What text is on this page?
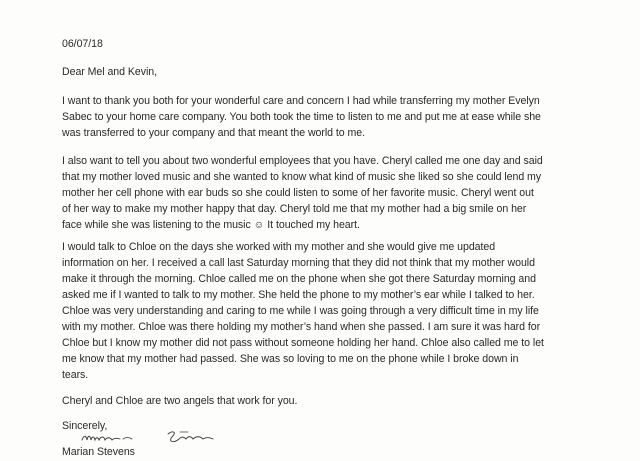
06/07/18
Dear Mel and Kevin,
I want to thank you both for your wonderful care and concern I had while transferring my mother Evelyn
Sabec to your home care company. You both took the time to listen to me and put me at ease while she
was transferred to your company and that meant the world to me.
I also want to tell you about two wonderful employees that you have. Cheryl called me one day and said
that my mother loved music and she wanted to know what kind of music she liked so she could lend my
mother her cell phone with ear buds so she could listen to some of her favorite music. Cheryl went out
of her way to make my mother happy that day. Cheryl told me that my mother had a big smile on her
face while she was listening to the music ☺ It touched my heart.
I would talk to Chloe on the days she worked with my mother and she would give me updated
information on her. I received a call last Saturday morning that they did not think that my mother would
make it through the morning. Chloe called me on the phone when she got there Saturday morning and
asked me if I wanted to talk to my mother. She held the phone to my mother’s ear while I talked to her.
Chloe was very understanding and caring to me while I was going through a very difficult time in my life
with my mother. Chloe was there holding my mother’s hand when she passed. I am sure it was hard for
Chloe but I know my mother did not pass without someone holding her hand. Chloe also called me to let
me know that my mother had passed. She was so loving to me on the phone while I broke down in
tears.
Cheryl and Chloe are two angels that work for you.
Sincerely,
Marian Stevens
